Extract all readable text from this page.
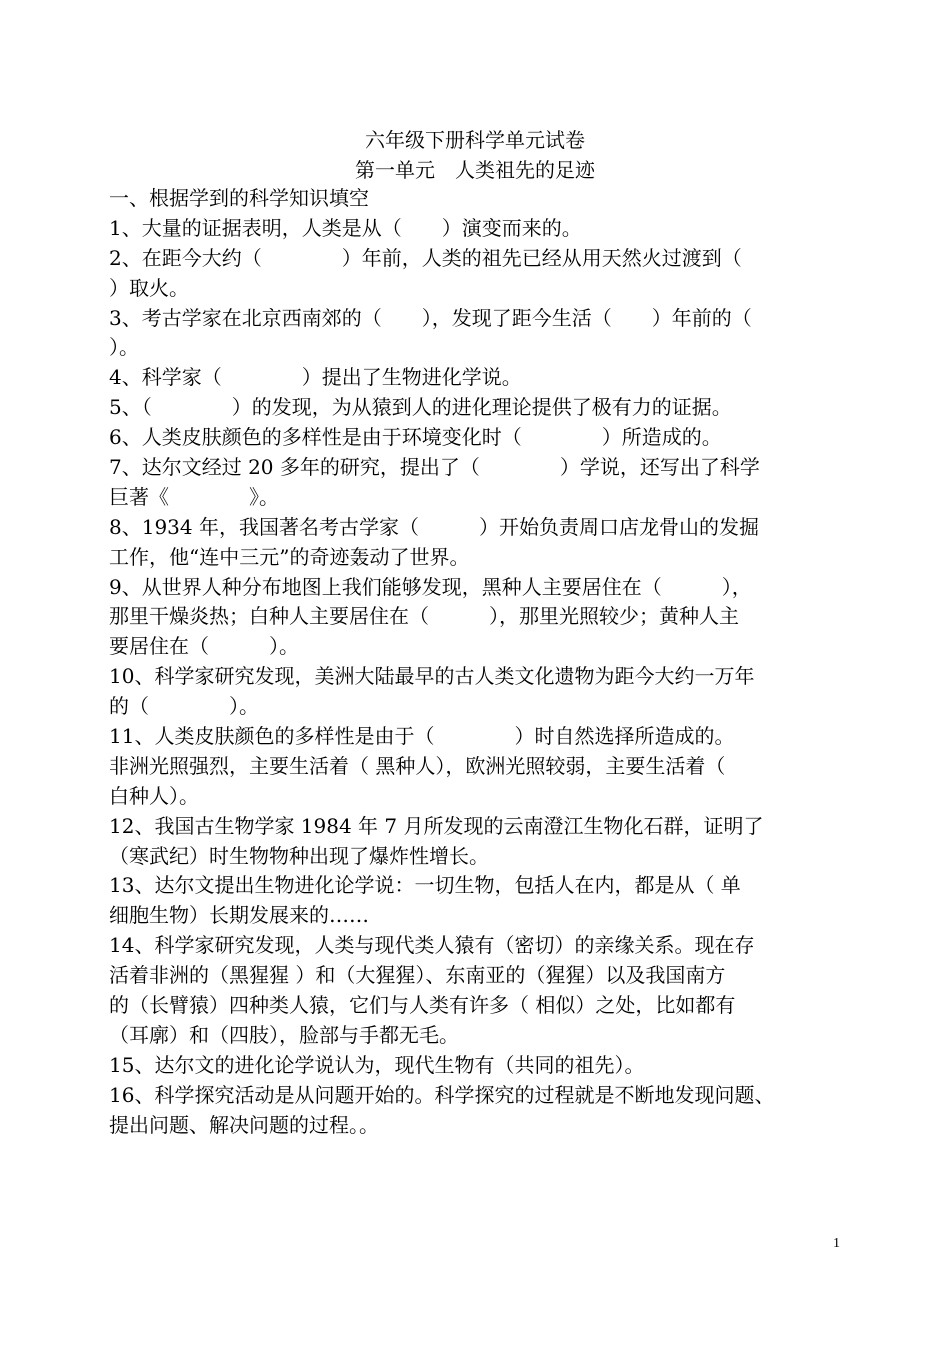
六年级下册科学单元试卷
第一单元　人类祖先的足迹
一、根据学到的科学知识填空
1、大量的证据表明，人类是从（　　）演变而来的。
2、在距今大约（　　　　）年前，人类的祖先已经从用天然火过渡到（
）取火。
3、考古学家在北京西南郊的（　　），发现了距今生活（　　）年前的（
）。
4、科学家（　　　　）提出了生物进化学说。
5、（　　　　）的发现，为从猿到人的进化理论提供了极有力的证据。
6、人类皮肤颜色的多样性是由于环境变化时（　　　　）所造成的。
7、达尔文经过 20 多年的研究，提出了（　　　　）学说，还写出了科学
巨著《　　　　》。
8、1934 年，我国著名考古学家（　　　）开始负责周口店龙骨山的发掘
工作，他“连中三元”的奇迹轰动了世界。
9、从世界人种分布地图上我们能够发现，黑种人主要居住在（　　　），
那里干燥炎热；白种人主要居住在（　　　），那里光照较少；黄种人主
要居住在（　　　）。
10、科学家研究发现，美洲大陆最早的古人类文化遗物为距今大约一万年
的（　　　　）。
11、人类皮肤颜色的多样性是由于（　　　　）时自然选择所造成的。
非洲光照强烈，主要生活着（ 黑种人），欧洲光照较弱，主要生活着（
白种人）。
12、我国古生物学家 1984 年 7 月所发现的云南澄江生物化石群，证明了
（寒武纪）时生物物种出现了爆炸性增长。
13、达尔文提出生物进化论学说：一切生物，包括人在内，都是从（ 单
细胞生物）长期发展来的……
14、科学家研究发现，人类与现代类人猿有（密切）的亲缘关系。现在存
活着非洲的（黑猩猩 ）和（大猩猩）、东南亚的（猩猩）以及我国南方
的（长臂猿）四种类人猿，它们与人类有许多（ 相似）之处，比如都有
（耳廓）和（四肢），脸部与手都无毛。
15、达尔文的进化论学说认为，现代生物有（共同的祖先）。
16、科学探究活动是从问题开始的。科学探究的过程就是不断地发现问题、
提出问题、解决问题的过程。。
1
